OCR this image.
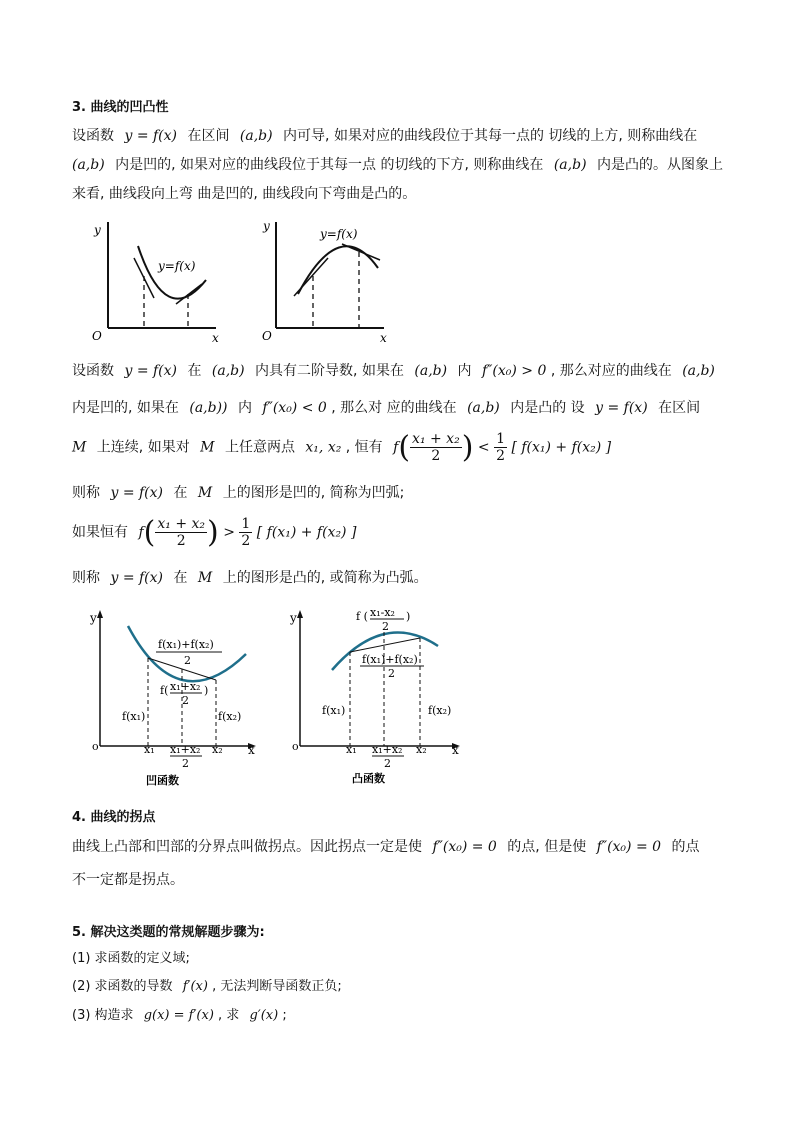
3. 曲线的凹凸性
设函数 y = f(x) 在区间 (a,b) 内可导, 如果对应的曲线段位于其每一点的 切线的上方, 则称曲线在
(a,b) 内是凹的, 如果对应的曲线段位于其每一点 的切线的下方, 则称曲线在 (a,b) 内是凸的。从图象上
来看, 曲线段向上弯 曲是凹的, 曲线段向下弯曲是凸的。
y
x
O
y=f(x)
y
x
O
y=f(x)
设函数 y = f(x) 在 (a,b) 内具有二阶导数, 如果在 (a,b) 内 f″(x₀) > 0 , 那么对应的曲线在 (a,b)
内是凹的, 如果在 (a,b)) 内 f″(x₀) < 0 , 那么对 应的曲线在 (a,b) 内是凸的 设 y = f(x) 在区间
M 上连续, 如果对 M 上任意两点 x₁, x₂ , 恒有 $f( \frac{\text{x₁ + x₂}}{2}$ ) < $\frac{1}{2}$ [ f(x₁) + f(x₂) ]
则称 y = f(x) 在 M 上的图形是凹的, 简称为凹弧;
如果恒有 $f( \frac{\text{x₁ + x₂}}{2}$ ) > $\frac{1}{2}$ [ f(x₁) + f(x₂) ]
则称 y = f(x) 在 M 上的图形是凸的, 或简称为凸弧。
y
x
o
f(x₁)+f(x₂)
2
f( x₁+x₂
2
)
f(x₁)	f(x₂)
x₁ x₁+x₂
2
x₂
凹函数
y
x
o
f ( x₁-x₂
2
)
f(x₁)+f(x₂)
2
f(x₁)	f(x₂)
x₁ x₁+x₂
2
x₂
凸函数
4. 曲线的拐点
曲线上凸部和凹部的分界点叫做拐点。因此拐点一定是使 f″(x₀) = 0 的点, 但是使 f″(x₀) = 0 的点
不一定都是拐点。
5. 解决这类题的常规解题步骤为:
(1) 求函数的定义域;
(2) 求函数的导数 f′(x) , 无法判断导函数正负;
(3) 构造求 g(x) = f′(x) , 求 g′(x) ;
